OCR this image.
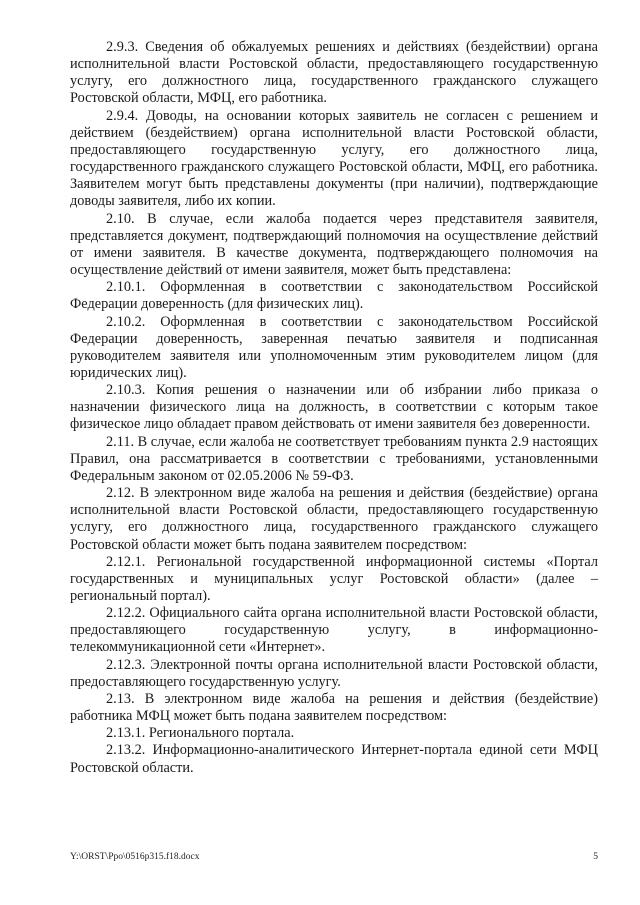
2.9.3. Сведения об обжалуемых решениях и действиях (бездействии) органа исполнительной власти Ростовской области, предоставляющего государственную услугу, его должностного лица, государственного гражданского служащего Ростовской области, МФЦ, его работника.

2.9.4. Доводы, на основании которых заявитель не согласен с решением и действием (бездействием) органа исполнительной власти Ростовской области, предоставляющего государственную услугу, его должностного лица, государственного гражданского служащего Ростовской области, МФЦ, его работника. Заявителем могут быть представлены документы (при наличии), подтверждающие доводы заявителя, либо их копии.

2.10. В случае, если жалоба подается через представителя заявителя, представляется документ, подтверждающий полномочия на осуществление действий от имени заявителя. В качестве документа, подтверждающего полномочия на осуществление действий от имени заявителя, может быть представлена:

2.10.1. Оформленная в соответствии с законодательством Российской Федерации доверенность (для физических лиц).

2.10.2. Оформленная в соответствии с законодательством Российской Федерации доверенность, заверенная печатью заявителя и подписанная руководителем заявителя или уполномоченным этим руководителем лицом (для юридических лиц).

2.10.3. Копия решения о назначении или об избрании либо приказа о назначении физического лица на должность, в соответствии с которым такое физическое лицо обладает правом действовать от имени заявителя без доверенности.

2.11. В случае, если жалоба не соответствует требованиям пункта 2.9 настоящих Правил, она рассматривается в соответствии с требованиями, установленными Федеральным законом от 02.05.2006 № 59-ФЗ.

2.12. В электронном виде жалоба на решения и действия (бездействие) органа исполнительной власти Ростовской области, предоставляющего государственную услугу, его должностного лица, государственного гражданского служащего Ростовской области может быть подана заявителем посредством:

2.12.1. Региональной государственной информационной системы «Портал государственных и муниципальных услуг Ростовской области» (далее – региональный портал).

2.12.2. Официального сайта органа исполнительной власти Ростовской области, предоставляющего государственную услугу, в информационно-телекоммуникационной сети «Интернет».

2.12.3. Электронной почты органа исполнительной власти Ростовской области, предоставляющего государственную услугу.

2.13. В электронном виде жалоба на решения и действия (бездействие) работника МФЦ может быть подана заявителем посредством:

2.13.1. Регионального портала.

2.13.2. Информационно-аналитического Интернет-портала единой сети МФЦ Ростовской области.

Y:\ORST\Ppo\0516p315.f18.docx	5
